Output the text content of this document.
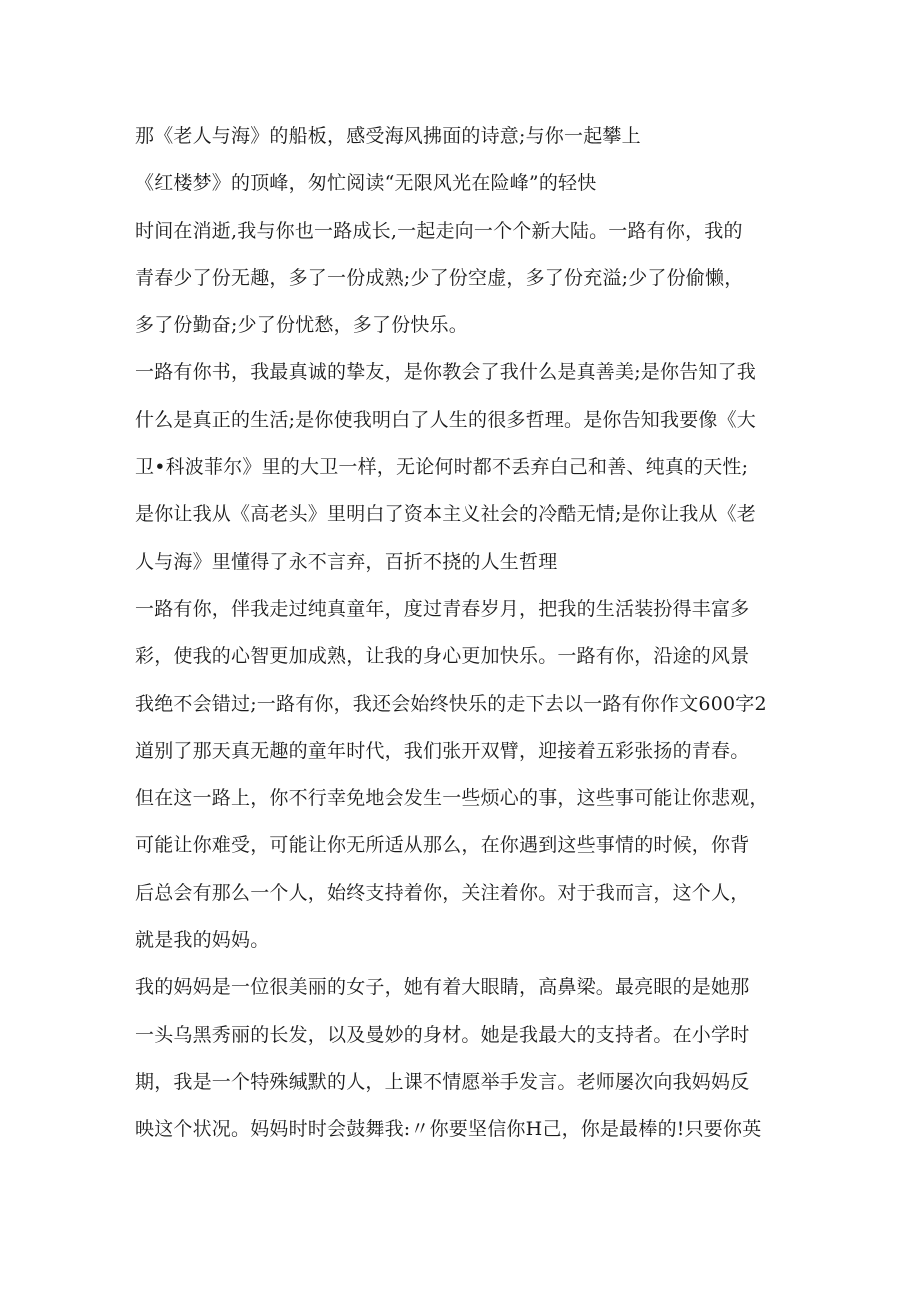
那《老人与海》的船板，感受海风拂面的诗意;与你一起攀上
《红楼梦》的顶峰，匆忙阅读“无限风光在险峰”的轻快
时间在消逝,我与你也一路成长,一起走向一个个新大陆。一路有你，我的
青春少了份无趣，多了一份成熟;少了份空虚，多了份充溢;少了份偷懒，
多了份勤奋;少了份忧愁，多了份快乐。
一路有你书，我最真诚的挚友，是你教会了我什么是真善美;是你告知了我
什么是真正的生活;是你使我明白了人生的很多哲理。是你告知我要像《大
卫•科波菲尔》里的大卫一样，无论何时都不丢弃白己和善、纯真的天性;
是你让我从《高老头》里明白了资本主义社会的冷酷无情;是你让我从《老
人与海》里懂得了永不言弃，百折不挠的人生哲理
一路有你，伴我走过纯真童年，度过青春岁月，把我的生活装扮得丰富多
彩，使我的心智更加成熟，让我的身心更加快乐。一路有你，沿途的风景
我绝不会错过;一路有你，我还会始终快乐的走下去以一路有你作文600字2
道别了那天真无趣的童年时代，我们张开双臂，迎接着五彩张扬的青春。
但在这一路上，你不行幸免地会发生一些烦心的事，这些事可能让你悲观，
可能让你难受，可能让你无所适从那么，在你遇到这些事情的时候，你背
后总会有那么一个人，始终支持着你，关注着你。对于我而言，这个人，
就是我的妈妈。
我的妈妈是一位很美丽的女子，她有着大眼睛，高鼻梁。最亮眼的是她那
一头乌黑秀丽的长发，以及曼妙的身材。她是我最大的支持者。在小学时
期，我是一个特殊缄默的人，上课不情愿举手发言。老师屡次向我妈妈反
映这个状况。妈妈时时会鼓舞我:〃你要坚信你H己，你是最棒的!只要你英
